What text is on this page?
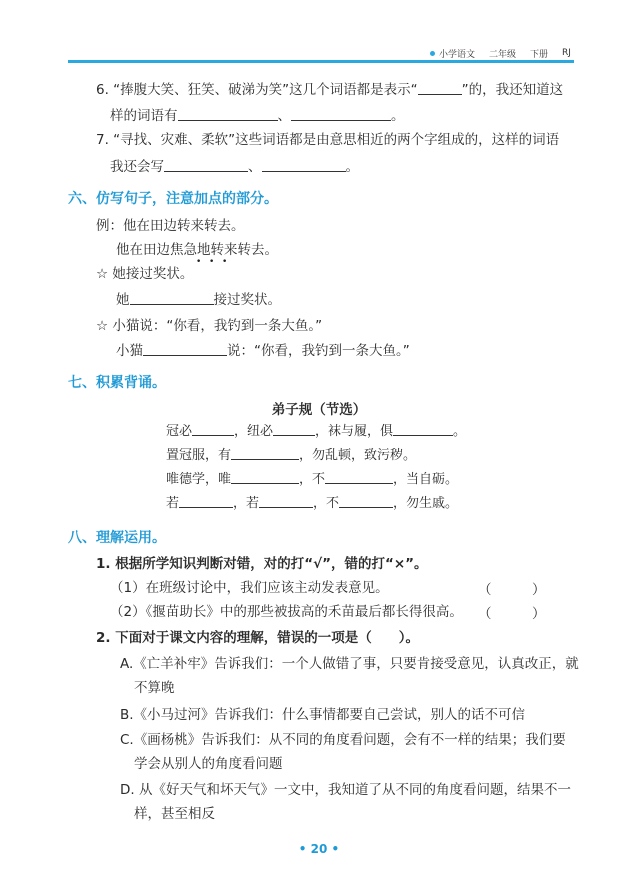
小学语文 二年级 下册 RJ
6. “捧腹大笑、狂笑、破涕为笑”这几个词语都是表示“	”的，我还知道这
样的词语有	、	。
7. “寻找、灾难、柔软”这些词语都是由意思相近的两个字组成的，这样的词语
我还会写	、	。
六、仿写句子，注意加点的部分。
例：他在田边转来转去。
他在田边焦急地转来转去。
• • •
☆ 她接过奖状。
她	接过奖状。
☆ 小猫说：“你看，我钓到一条大鱼。”
小猫	说：“你看，我钓到一条大鱼。”
七、积累背诵。
弟子规（节选）
冠必	，纽必	，袜与履，俱	。
置冠服，有	，勿乱顿，致污秽。
唯德学，唯	，不	，当自砺。
若	，若	，不	，勿生戚。
八、理解运用。
1. 根据所学知识判断对错，对的打“√”，错的打“×”。
（1）在班级讨论中，我们应该主动发表意见。	（　　　）
（2）《揠苗助长》中的那些被拔高的禾苗最后都长得很高。 （　　　）
2. 下面对于课文内容的理解，错误的一项是（　　）。
A.《亡羊补牢》告诉我们：一个人做错了事，只要肯接受意见，认真改正，就
不算晚
B.《小马过河》告诉我们：什么事情都要自己尝试，别人的话不可信
C.《画杨桃》告诉我们：从不同的角度看问题，会有不一样的结果；我们要
学会从别人的角度看问题
D. 从《好天气和坏天气》一文中，我知道了从不同的角度看问题，结果不一
样，甚至相反
• 20 •
